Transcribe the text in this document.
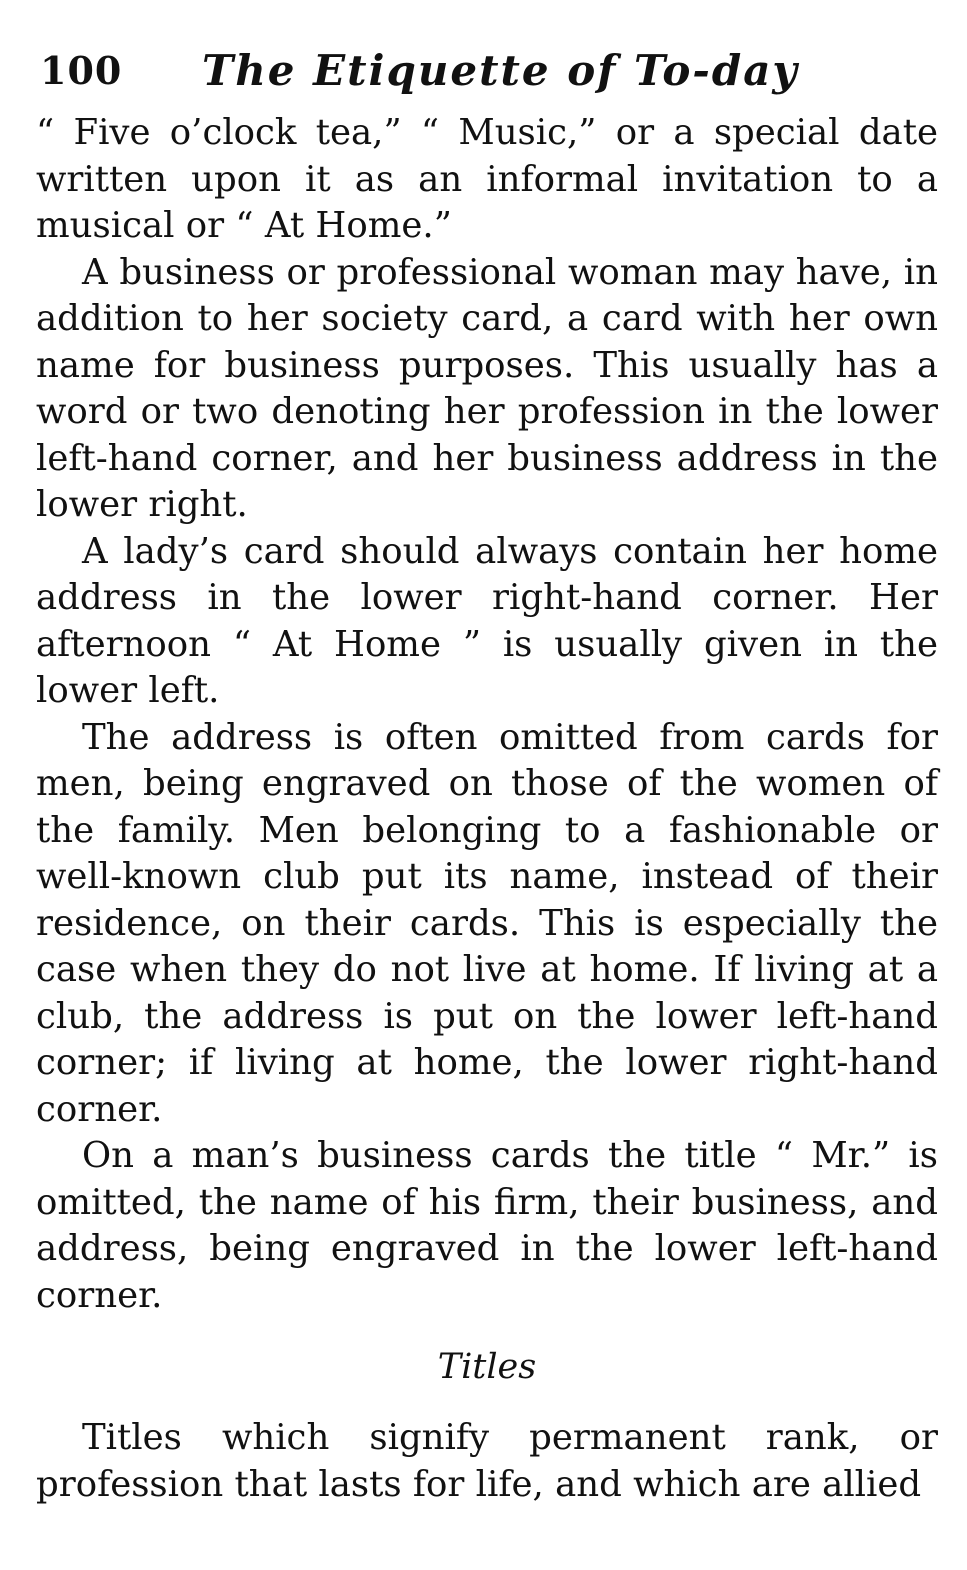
100 The Etiquette of To-day

“ Five o’clock tea,” “ Music,” or a special date written upon it as an informal invitation to a musical or “ At Home.”

A business or professional woman may have, in addition to her society card, a card with her own name for business purposes. This usually has a word or two denoting her profession in the lower left-hand corner, and her business address in the lower right.

A lady’s card should always contain her home address in the lower right-hand corner. Her afternoon “ At Home ” is usually given in the lower left.

The address is often omitted from cards for men, being engraved on those of the women of the family. Men belonging to a fashionable or well-known club put its name, instead of their residence, on their cards. This is especially the case when they do not live at home. If living at a club, the address is put on the lower left-hand corner; if living at home, the lower right-hand corner.

On a man’s business cards the title “ Mr.” is omitted, the name of his firm, their business, and address, being engraved in the lower left-hand corner.

Titles

Titles which signify permanent rank, or profession that lasts for life, and which are allied
